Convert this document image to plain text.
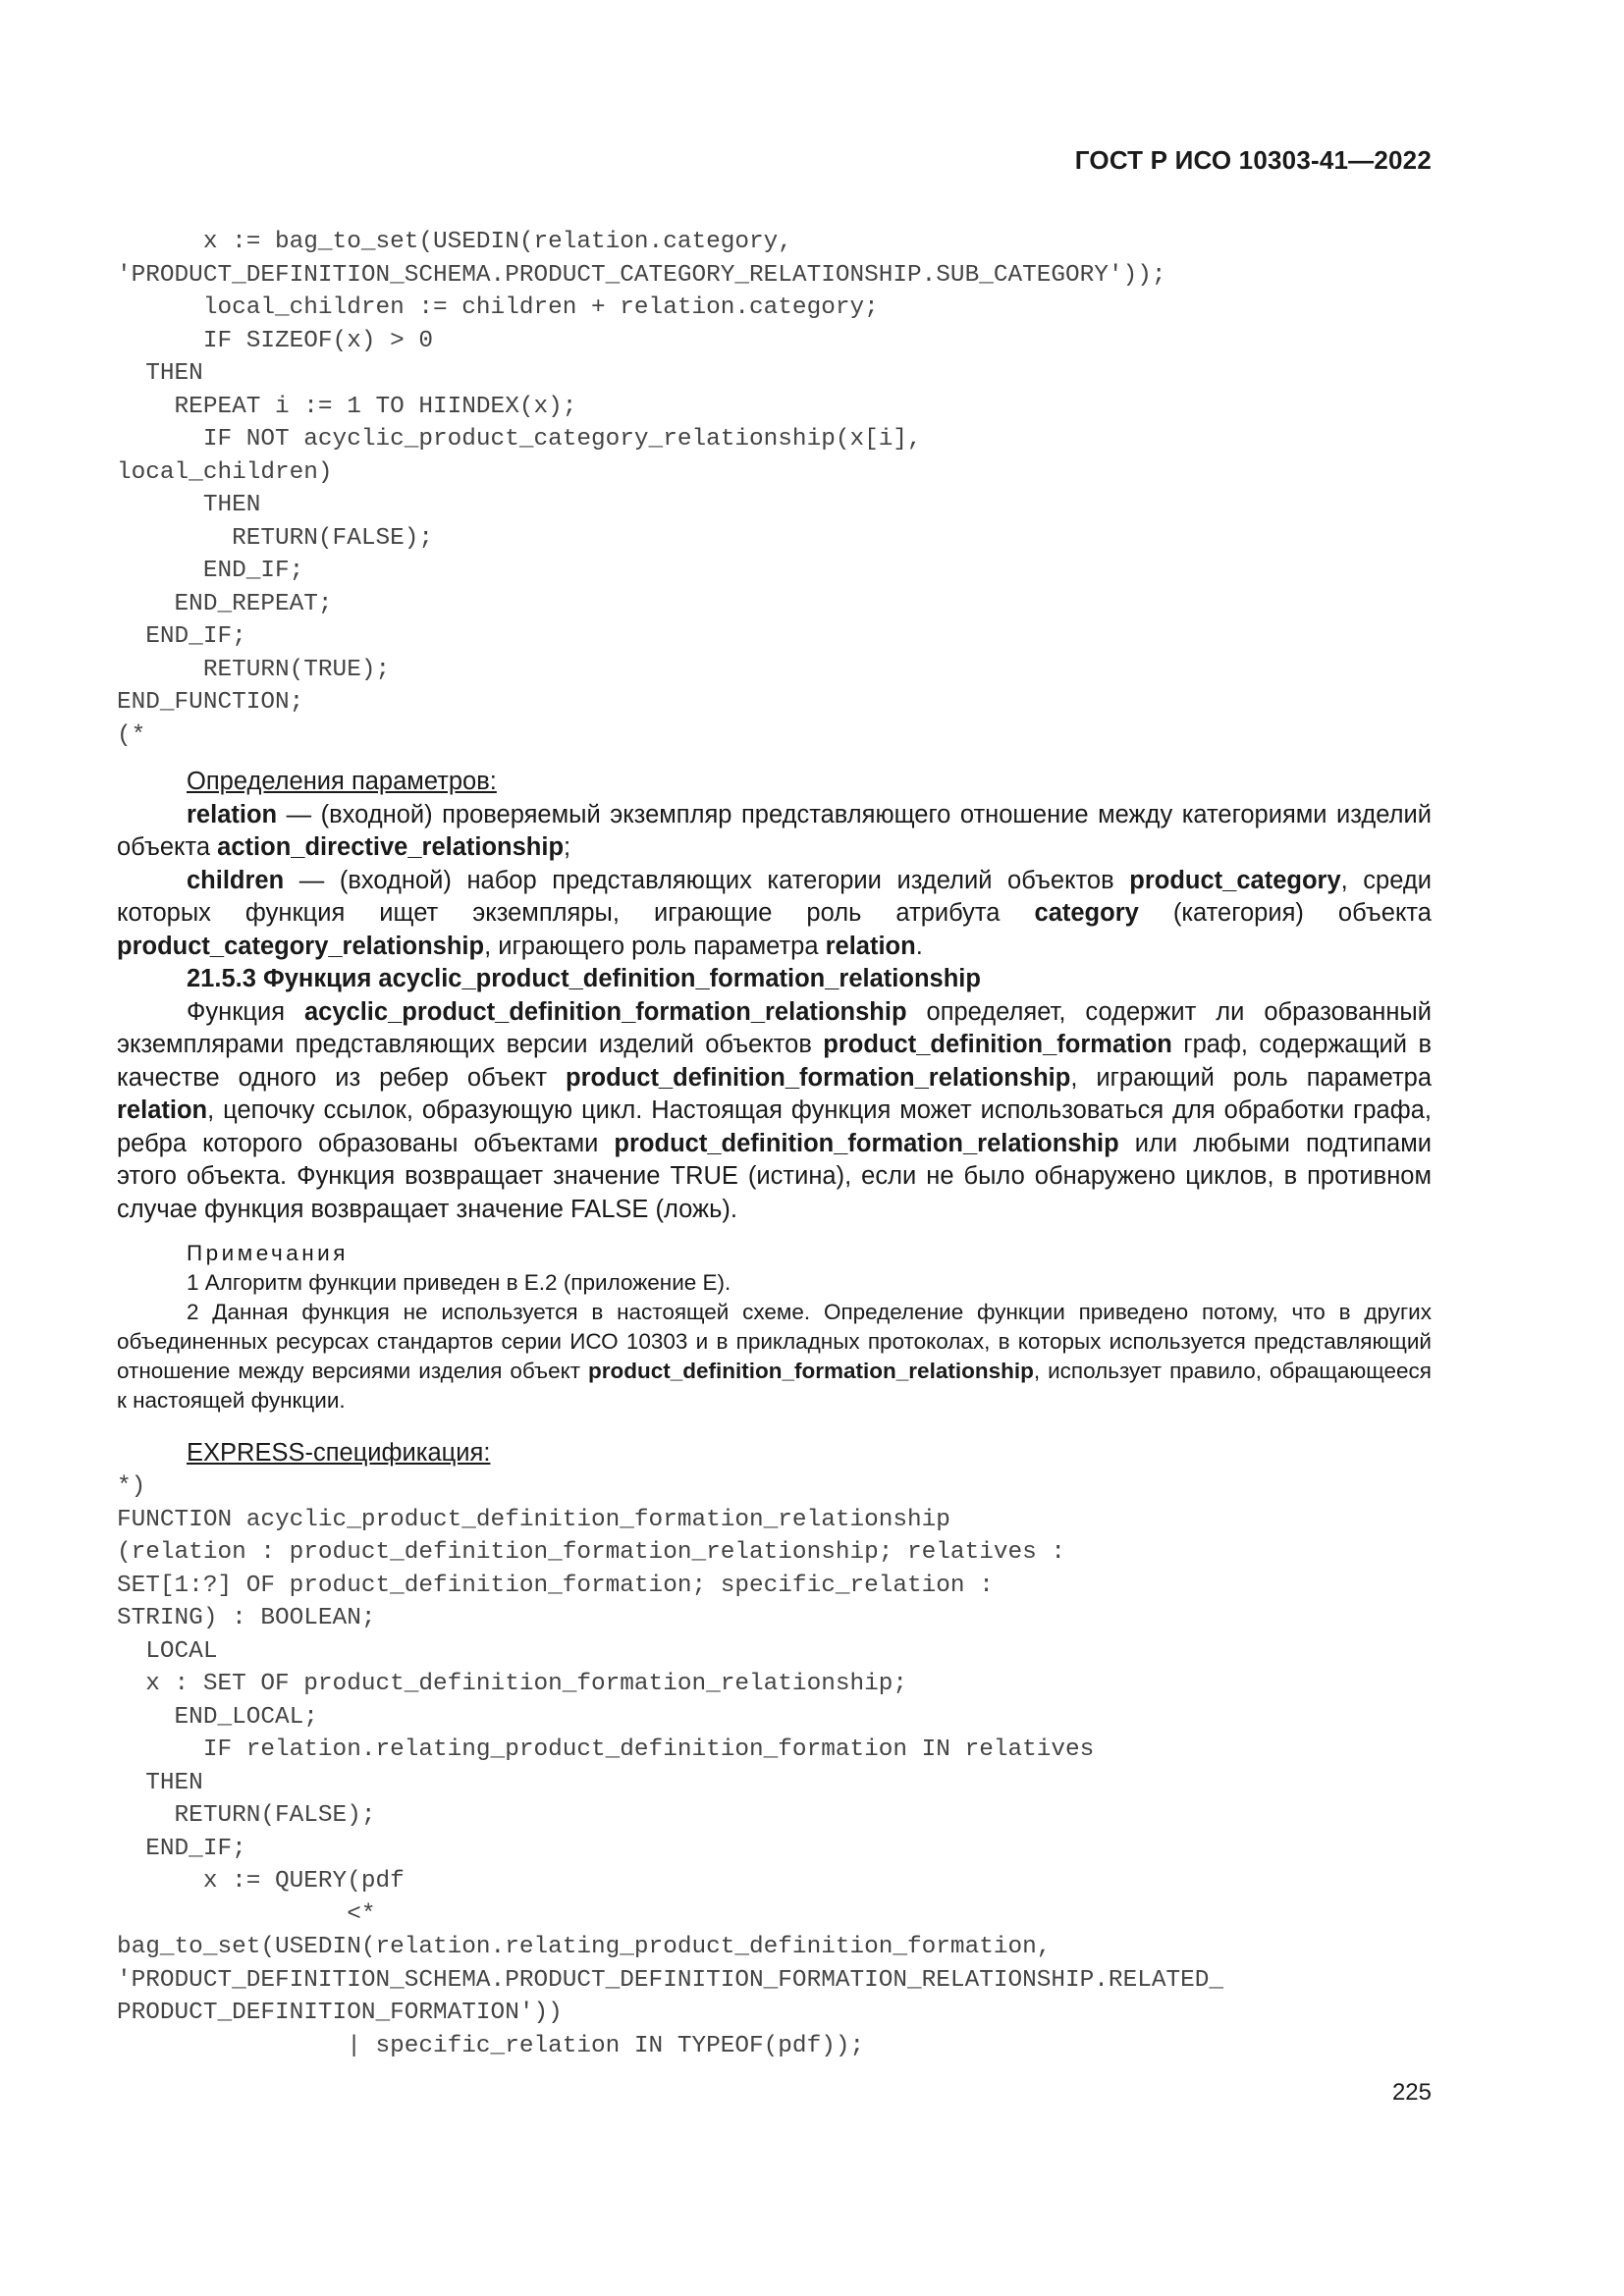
ГОСТ Р ИСО 10303-41—2022
x := bag_to_set(USEDIN(relation.category,
'PRODUCT_DEFINITION_SCHEMA.PRODUCT_CATEGORY_RELATIONSHIP.SUB_CATEGORY'));
local_children := children + relation.category;
IF SIZEOF(x) > 0
THEN
REPEAT i := 1 TO HIINDEX(x);
IF NOT acyclic_product_category_relationship(x[i],
local_children)
THEN
RETURN(FALSE);
END_IF;
END_REPEAT;
END_IF;
RETURN(TRUE);
END_FUNCTION;
(*

Определения параметров:

relation — (входной) проверяемый экземпляр представляющего отношение между категориями изделий объекта action_directive_relationship;

children — (входной) набор представляющих категории изделий объектов product_category, среди которых функция ищет экземпляры, играющие роль атрибута category (категория) объекта product_category_relationship, играющего роль параметра relation.

21.5.3 Функция acyclic_product_definition_formation_relationship

Функция acyclic_product_definition_formation_relationship определяет, содержит ли образованный экземплярами представляющих версии изделий объектов product_definition_formation граф, содержащий в качестве одного из ребер объект product_definition_formation_relationship, играющий роль параметра relation, цепочку ссылок, образующую цикл. Настоящая функция может использоваться для обработки графа, ребра которого образованы объектами product_definition_formation_relationship или любыми подтипами этого объекта. Функция возвращает значение TRUE (истина), если не было обнаружено циклов, в противном случае функция возвращает значение FALSE (ложь).

Примечания

1 Алгоритм функции приведен в Е.2 (приложение Е).

2 Данная функция не используется в настоящей схеме. Определение функции приведено потому, что в других объединенных ресурсах стандартов серии ИСО 10303 и в прикладных протоколах, в которых используется представляющий отношение между версиями изделия объект product_definition_formation_relationship, использует правило, обращающееся к настоящей функции.

EXPRESS-спецификация:

*)
FUNCTION acyclic_product_definition_formation_relationship
(relation : product_definition_formation_relationship; relatives :
SET[1:?] OF product_definition_formation; specific_relation :
STRING) : BOOLEAN;
LOCAL
x : SET OF product_definition_formation_relationship;
END_LOCAL;
IF relation.relating_product_definition_formation IN relatives
THEN
RETURN(FALSE);
END_IF;
x := QUERY(pdf
<*
bag_to_set(USEDIN(relation.relating_product_definition_formation,
'PRODUCT_DEFINITION_SCHEMA.PRODUCT_DEFINITION_FORMATION_RELATIONSHIP.RELATED_
PRODUCT_DEFINITION_FORMATION'))
| specific_relation IN TYPEOF(pdf));
225
